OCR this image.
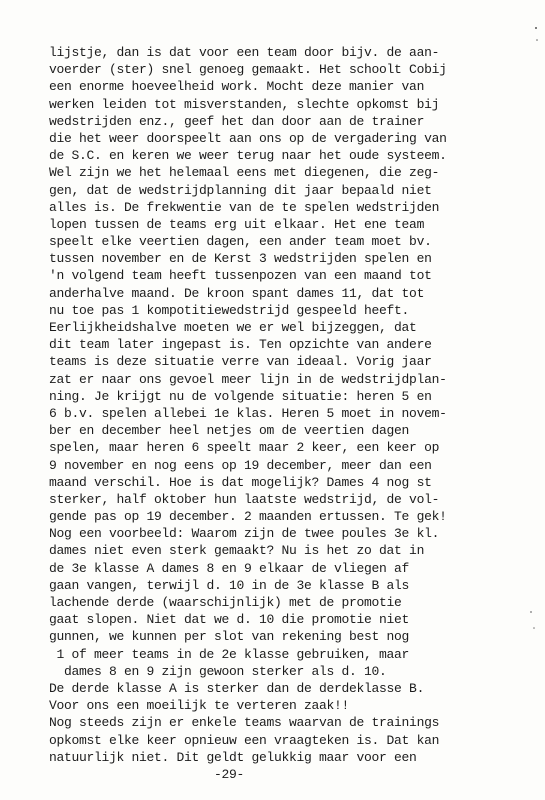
lijstje, dan is dat voor een team door bijv. de aan-
voerder (ster) snel genoeg gemaakt. Het schoolt Cobij
een enorme hoeveelheid work. Mocht deze manier van
werken leiden tot misverstanden, slechte opkomst bij
wedstrijden enz., geef het dan door aan de trainer
die het weer doorspeelt aan ons op de vergadering van
de S.C. en keren we weer terug naar het oude systeem.
Wel zijn we het helemaal eens met diegenen, die zeg-
gen, dat de wedstrijdplanning dit jaar bepaald niet
alles is. De frekwentie van de te spelen wedstrijden
lopen tussen de teams erg uit elkaar. Het ene team
speelt elke veertien dagen, een ander team moet bv.
tussen november en de Kerst 3 wedstrijden spelen en
'n volgend team heeft tussenpozen van een maand tot
anderhalve maand. De kroon spant dames 11, dat tot
nu toe pas 1 kompotitiewedstrijd gespeeld heeft.
Eerlijkheidshalve moeten we er wel bijzeggen, dat
dit team later ingepast is. Ten opzichte van andere
teams is deze situatie verre van ideaal. Vorig jaar
zat er naar ons gevoel meer lijn in de wedstrijdplan-
ning. Je krijgt nu de volgende situatie: heren 5 en
6 b.v. spelen allebei 1e klas. Heren 5 moet in novem-
ber en december heel netjes om de veertien dagen
spelen, maar heren 6 speelt maar 2 keer, een keer op
9 november en nog eens op 19 december, meer dan een
maand verschil. Hoe is dat mogelijk? Dames 4 nog st
sterker, half oktober hun laatste wedstrijd, de vol-
gende pas op 19 december. 2 maanden ertussen. Te gek!
Nog een voorbeeld: Waarom zijn de twee poules 3e kl.
dames niet even sterk gemaakt? Nu is het zo dat in
de 3e klasse A dames 8 en 9 elkaar de vliegen af
gaan vangen, terwijl d. 10 in de 3e klasse B als
lachende derde (waarschijnlijk) met de promotie
gaat slopen. Niet dat we d. 10 die promotie niet
gunnen, we kunnen per slot van rekening best nog
1 of meer teams in de 2e klasse gebruiken, maar
dames 8 en 9 zijn gewoon sterker als d. 10.
De derde klasse A is sterker dan de derdeklasse B.
Voor ons een moeilijk te verteren zaak!!
Nog steeds zijn er enkele teams waarvan de trainings
opkomst elke keer opnieuw een vraagteken is. Dat kan
natuurlijk niet. Dit geldt gelukkig maar voor een
-29-
